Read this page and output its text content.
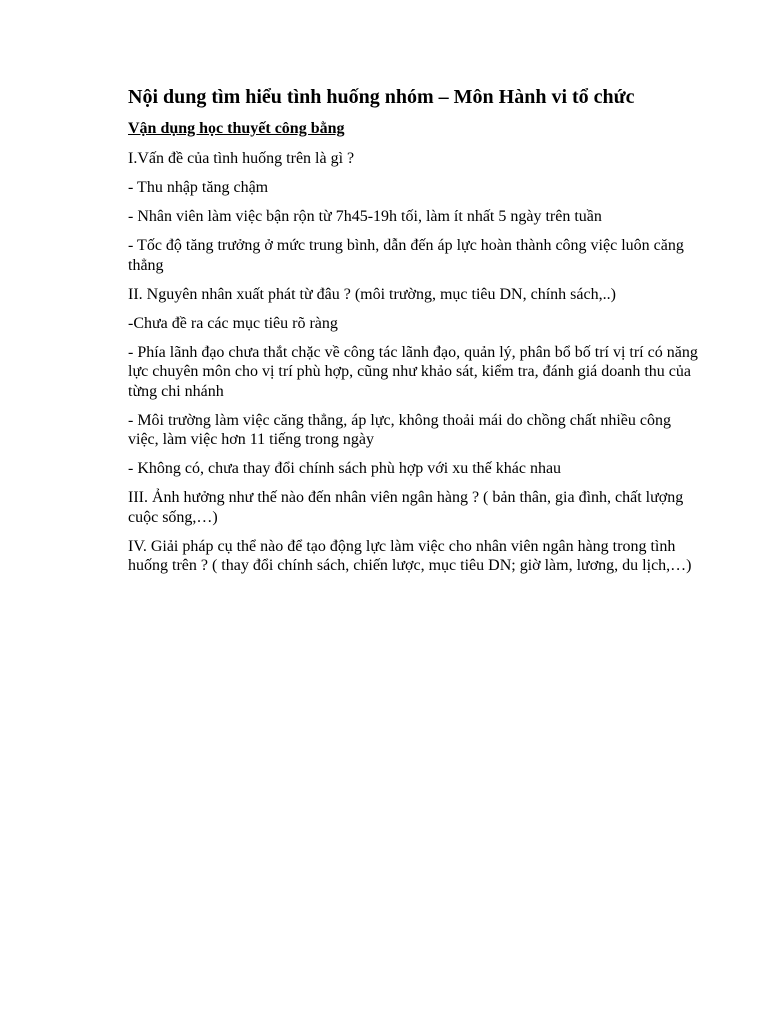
Nội dung tìm hiểu tình huống nhóm – Môn Hành vi tổ chức
Vận dụng học thuyết công bằng

I.Vấn đề của tình huống trên là gì ?

- Thu nhập tăng chậm

- Nhân viên làm việc bận rộn từ 7h45-19h tối, làm ít nhất 5 ngày trên tuần

- Tốc độ tăng trưởng ở mức trung bình, dẫn đến áp lực hoàn thành công việc luôn căng thẳng

II. Nguyên nhân xuất phát từ đâu ? (môi trường, mục tiêu DN, chính sách,..)

-Chưa đề ra các mục tiêu rõ ràng

- Phía lãnh đạo chưa thắt chặc về công tác lãnh đạo, quản lý, phân bổ bố trí vị trí có năng lực chuyên môn cho vị trí phù hợp, cũng như khảo sát, kiểm tra, đánh giá doanh thu của từng chi nhánh

- Môi trường làm việc căng thẳng, áp lực, không thoải mái do chồng chất nhiều công việc, làm việc hơn 11 tiếng trong ngày

- Không có, chưa thay đổi chính sách phù hợp với xu thế khác nhau

III. Ảnh hưởng như thế nào đến nhân viên ngân hàng ? ( bản thân, gia đình, chất lượng cuộc sống,…)

IV. Giải pháp cụ thể nào để tạo động lực làm việc cho nhân viên ngân hàng trong tình huống trên ? ( thay đổi chính sách, chiến lược, mục tiêu DN; giờ làm, lương, du lịch,…)
